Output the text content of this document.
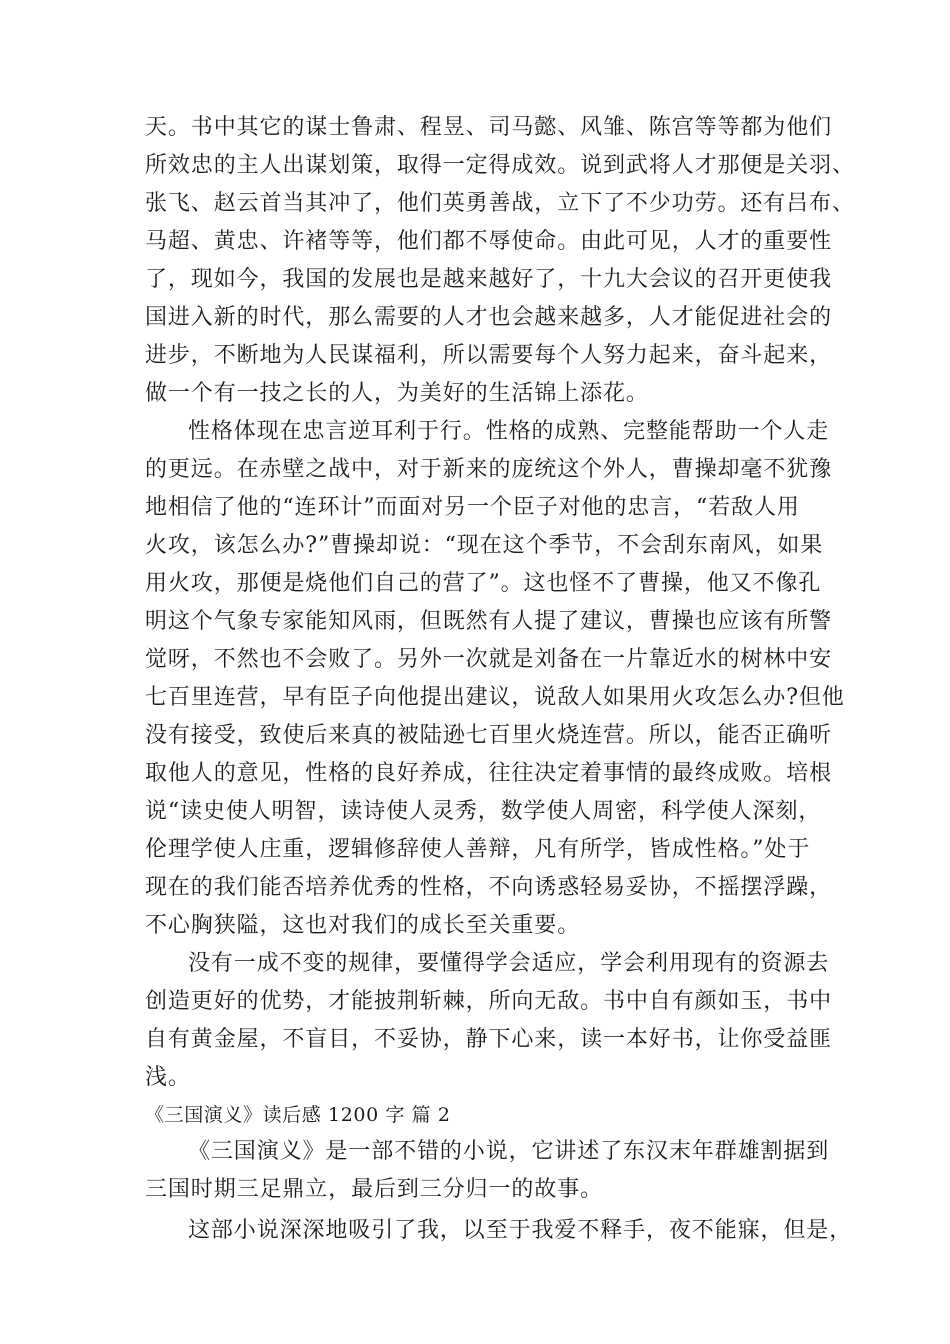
天。书中其它的谋士鲁肃、程昱、司马懿、风雏、陈宫等等都为他们
所效忠的主人出谋划策，取得一定得成效。说到武将人才那便是关羽、
张飞、赵云首当其冲了，他们英勇善战，立下了不少功劳。还有吕布、
马超、黄忠、许褚等等，他们都不辱使命。由此可见，人才的重要性
了，现如今，我国的发展也是越来越好了，十九大会议的召开更使我
国进入新的时代，那么需要的人才也会越来越多，人才能促进社会的
进步，不断地为人民谋福利，所以需要每个人努力起来，奋斗起来，
做一个有一技之长的人，为美好的生活锦上添花。
性格体现在忠言逆耳利于行。性格的成熟、完整能帮助一个人走
的更远。在赤壁之战中，对于新来的庞统这个外人，曹操却毫不犹豫
地相信了他的“连环计”而面对另一个臣子对他的忠言，“若敌人用
火攻，该怎么办?”曹操却说：“现在这个季节，不会刮东南风，如果
用火攻，那便是烧他们自己的营了”。这也怪不了曹操，他又不像孔
明这个气象专家能知风雨，但既然有人提了建议，曹操也应该有所警
觉呀，不然也不会败了。另外一次就是刘备在一片靠近水的树林中安
七百里连营，早有臣子向他提出建议，说敌人如果用火攻怎么办?但他
没有接受，致使后来真的被陆逊七百里火烧连营。所以，能否正确听
取他人的意见，性格的良好养成，往往决定着事情的最终成败。培根
说“读史使人明智，读诗使人灵秀，数学使人周密，科学使人深刻，
伦理学使人庄重，逻辑修辞使人善辩，凡有所学，皆成性格。”处于
现在的我们能否培养优秀的性格，不向诱惑轻易妥协，不摇摆浮躁，
不心胸狭隘，这也对我们的成长至关重要。
没有一成不变的规律，要懂得学会适应，学会利用现有的资源去
创造更好的优势，才能披荆斩棘，所向无敌。书中自有颜如玉，书中
自有黄金屋，不盲目，不妥协，静下心来，读一本好书，让你受益匪
浅。
《三国演义》读后感 1200 字 篇 2
《三国演义》是一部不错的小说，它讲述了东汉末年群雄割据到
三国时期三足鼎立，最后到三分归一的故事。
这部小说深深地吸引了我，以至于我爱不释手，夜不能寐，但是，
